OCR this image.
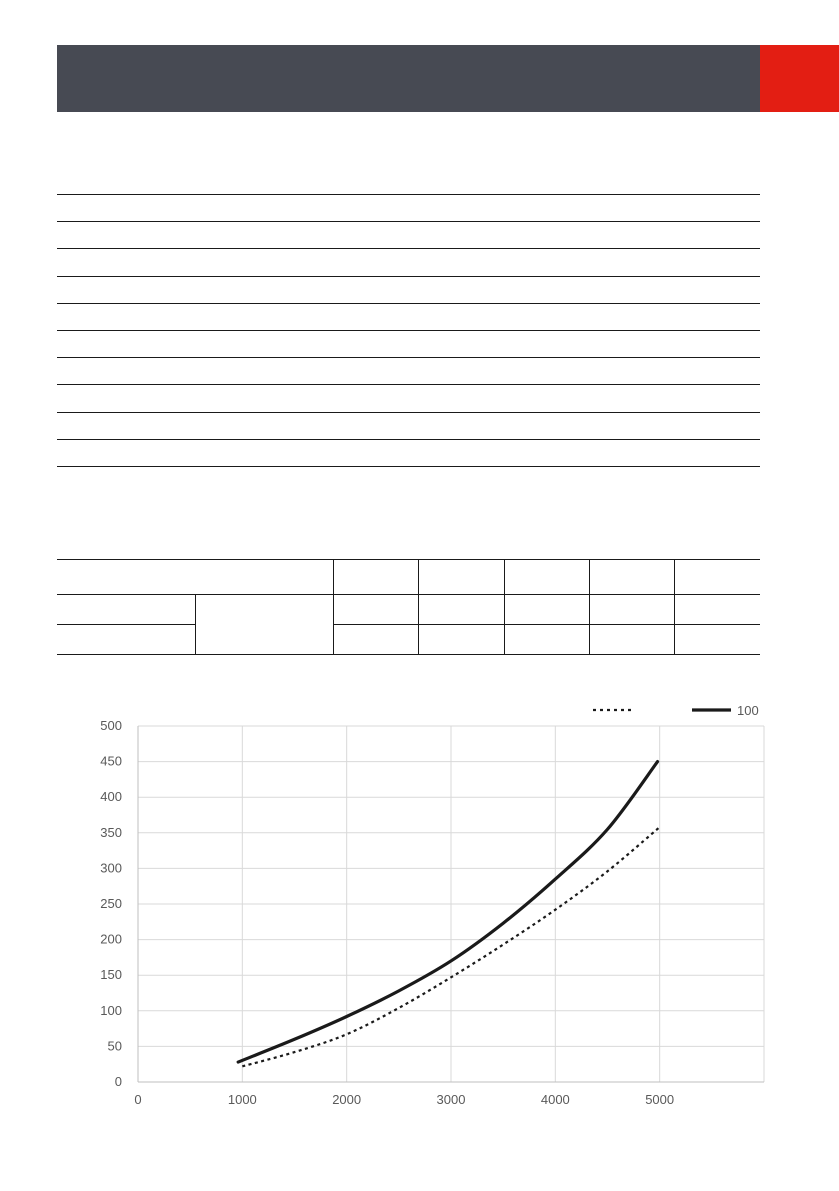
0
50
100
150
200
250
300
350
400
450
500
0	1000	2000	3000	4000	5000
100
